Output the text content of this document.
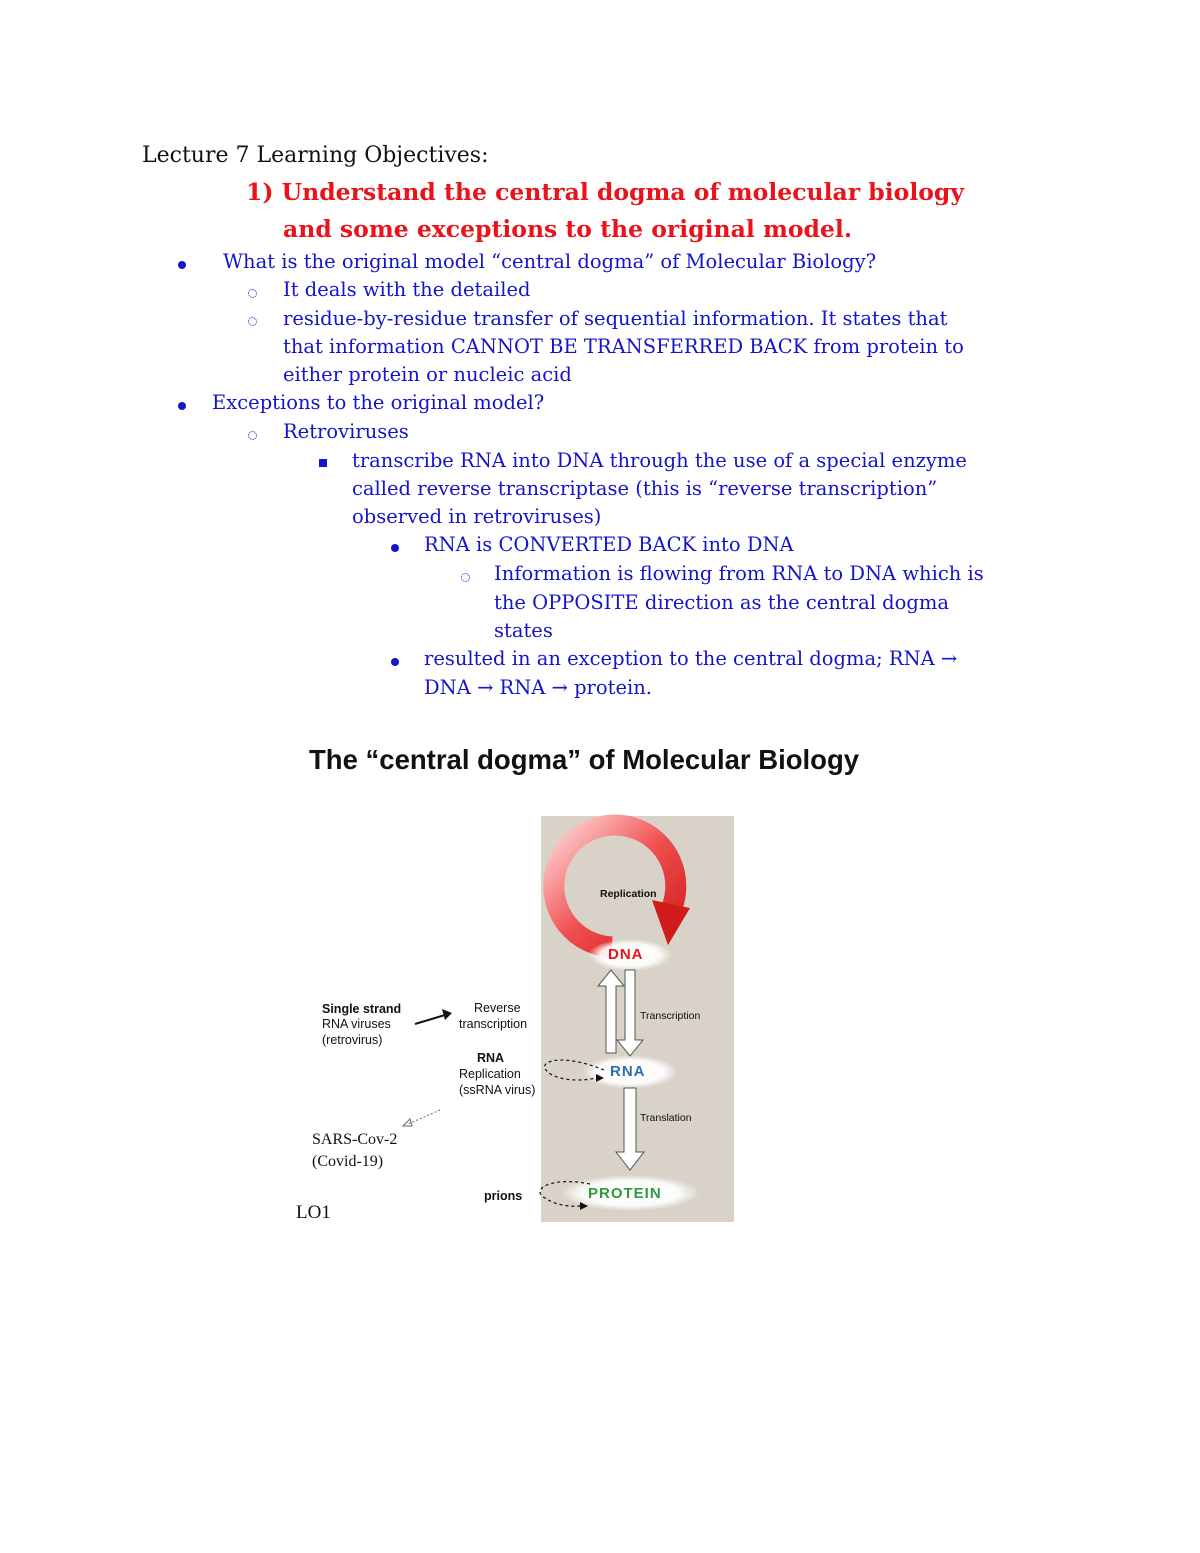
Lecture 7 Learning Objectives:
1) Understand the central dogma of molecular biology
and some exceptions to the original model.
What is the original model “central dogma” of Molecular Biology?
It deals with the detailed
residue-by-residue transfer of sequential information. It states that
that information CANNOT BE TRANSFERRED BACK from protein to
either protein or nucleic acid
Exceptions to the original model?
Retroviruses
transcribe RNA into DNA through the use of a special enzyme
called reverse transcriptase (this is “reverse transcription”
observed in retroviruses)
RNA is CONVERTED BACK into DNA
Information is flowing from RNA to DNA which is
the OPPOSITE direction as the central dogma
states
resulted in an exception to the central dogma; RNA →
DNA → RNA → protein.
The “central dogma” of Molecular Biology
Replication
DNA
Transcription
RNA
Translation
PROTEIN
Single strand
RNA viruses
(retrovirus)
Reverse
transcription
RNA
Replication
(ssRNA virus)
SARS-Cov-2
(Covid-19)
prions
LO1
